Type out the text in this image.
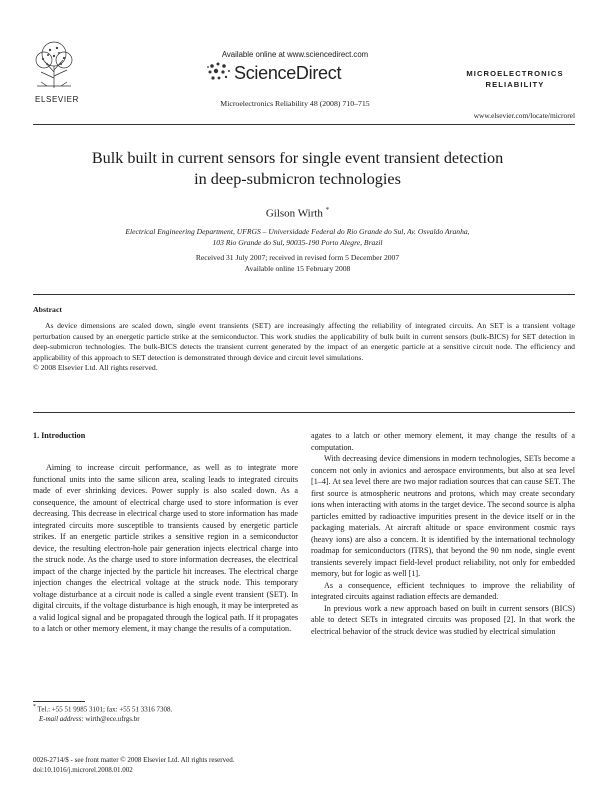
ELSEVIER
Available online at www.sciencedirect.com
ScienceDirect
Microelectronics Reliability 48 (2008) 710–715
MICROELECTRONICS
RELIABILITY
www.elsevier.com/locate/microrel
Bulk built in current sensors for single event transient detection
in deep-submicron technologies
Gilson Wirth *
Electrical Engineering Department, UFRGS – Universidade Federal do Rio Grande do Sul, Av. Osvaldo Aranha,
103 Rio Grande do Sul, 90035-190 Porto Alegre, Brazil
Received 31 July 2007; received in revised form 5 December 2007
Available online 15 February 2008
Abstract

As device dimensions are scaled down, single event transients (SET) are increasingly affecting the reliability of integrated circuits. An SET is a transient voltage perturbation caused by an energetic particle strike at the semiconductor. This work studies the applicability of bulk built in current sensors (bulk-BICS) for SET detection in deep-submicron technologies. The bulk-BICS detects the transient current generated by the impact of an energetic particle at a sensitive circuit node. The efficiency and applicability of this approach to SET detection is demonstrated through device and circuit level simulations.

© 2008 Elsevier Ltd. All rights reserved.

1. Introduction

Aiming to increase circuit performance, as well as to integrate more functional units into the same silicon area, scaling leads to integrated circuits made of ever shrinking devices. Power supply is also scaled down. As a consequence, the amount of electrical charge used to store information is ever decreasing. This decrease in electrical charge used to store information has made integrated circuits more susceptible to transients caused by energetic particle strikes. If an energetic particle strikes a sensitive region in a semiconductor device, the resulting electron-hole pair generation injects electrical charge into the struck node. As the charge used to store information decreases, the electrical impact of the charge injected by the particle hit increases. The electrical charge injection changes the electrical voltage at the struck node. This temporary voltage disturbance at a circuit node is called a single event transient (SET). In digital circuits, if the voltage disturbance is high enough, it may be interpreted as a valid logical signal and be propagated through the logical path. If it propagates to a latch or other memory element, it may change the results of a computation.

agates to a latch or other memory element, it may change the results of a computation.

With decreasing device dimensions in modern technologies, SETs become a concern not only in avionics and aerospace environments, but also at sea level [1–4]. At sea level there are two major radiation sources that can cause SET. The first source is atmospheric neutrons and protons, which may create secondary ions when interacting with atoms in the target device. The second source is alpha particles emitted by radioactive impurities present in the device itself or in the packaging materials. At aircraft altitude or space environment cosmic rays (heavy ions) are also a concern. It is identified by the international technology roadmap for semiconductors (ITRS), that beyond the 90 nm node, single event transients severely impact field-level product reliability, not only for embedded memory, but for logic as well [1].

As a consequence, efficient techniques to improve the reliability of integrated circuits against radiation effects are demanded.

In previous work a new approach based on built in current sensors (BICS) able to detect SETs in integrated circuits was proposed [2]. In that work the electrical behavior of the struck device was studied by electrical simulation

* Tel.: +55 51 9985 3101; fax: +55 51 3316 7308.

E-mail address: wirth@ece.ufrgs.br

0026-2714/$ - see front matter © 2008 Elsevier Ltd. All rights reserved.

doi:10.1016/j.microrel.2008.01.002
